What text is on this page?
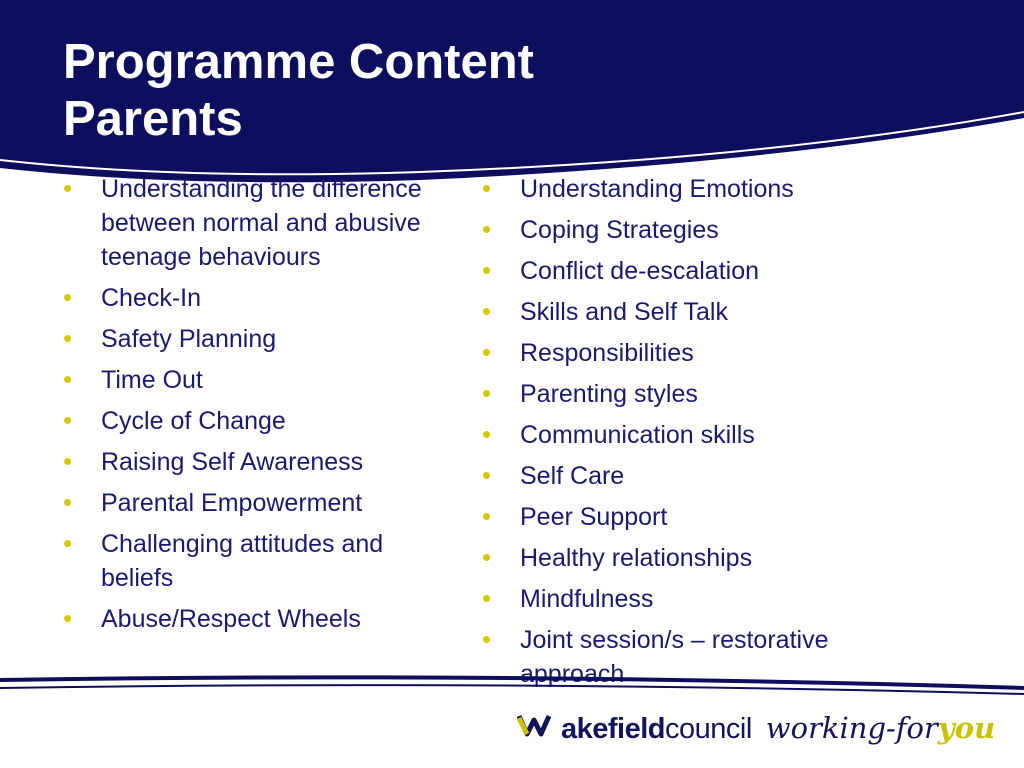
Programme Content
Parents
• Understanding the difference between normal and abusive teenage behaviours
• Check-In
• Safety Planning
• Time Out
• Cycle of Change
• Raising Self Awareness
• Parental Empowerment
• Challenging attitudes and beliefs
• Abuse/Respect Wheels
• Understanding Emotions
• Coping Strategies
• Conflict de-escalation
• Skills and Self Talk
• Responsibilities
• Parenting styles
• Communication skills
• Self Care
• Peer Support
• Healthy relationships
• Mindfulness
• Joint session/s – restorative approach
akefieldcouncil working-foryou
